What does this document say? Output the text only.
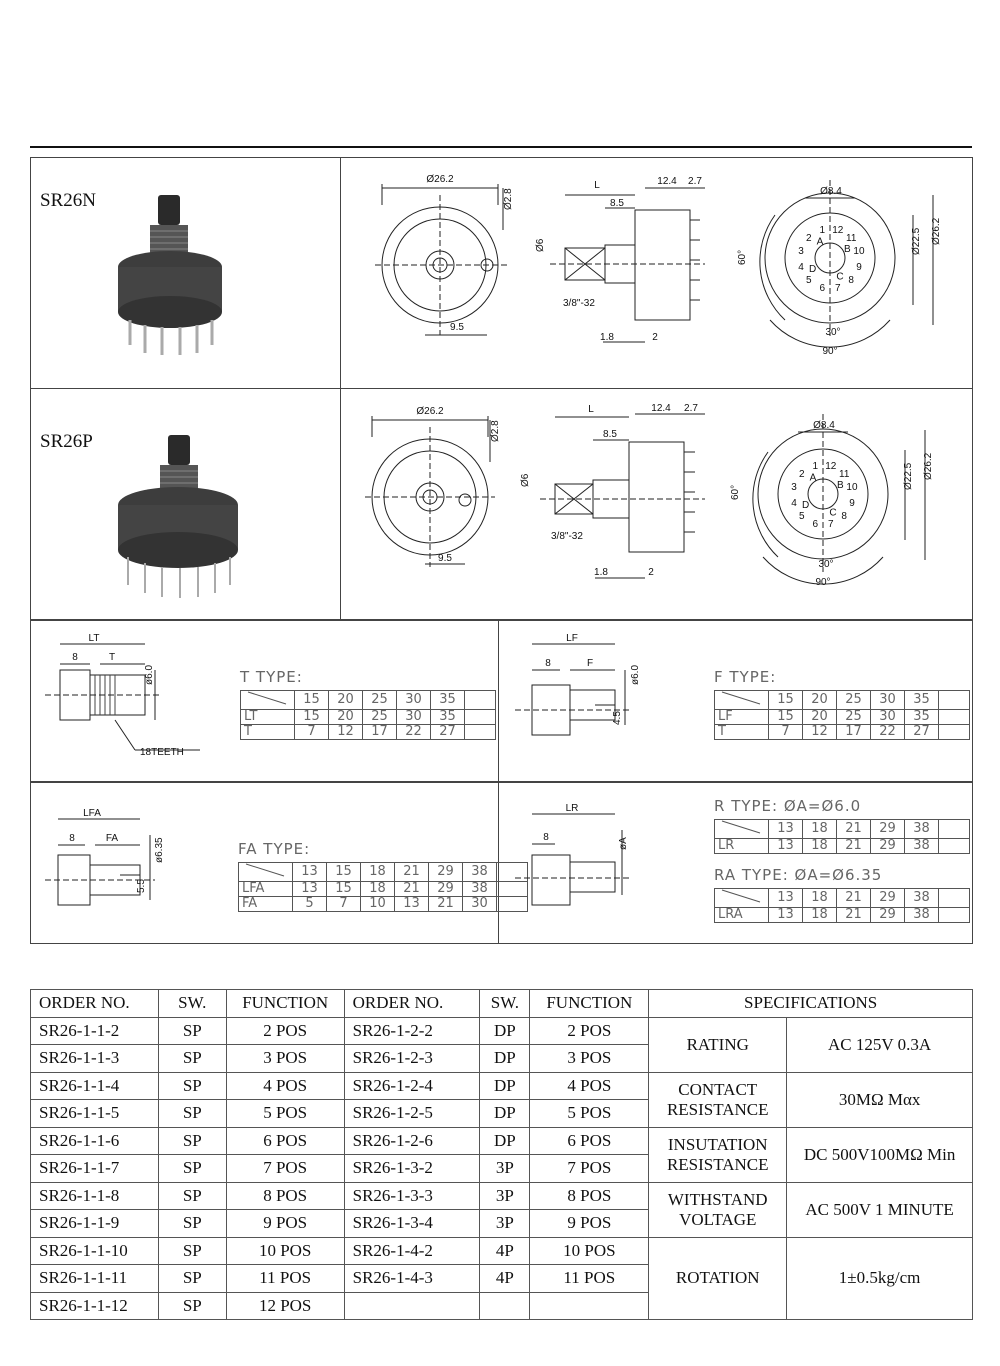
SR26N
Ø26.2
Ø2.8
9.5
L
8.5
12.4 2.7
Ø6
3/8"-32
1.8	2
Ø8.4
Ø22.5 Ø26.2
60°
30°
90°
12
11
10
9
8
7
6
5
4
3
2
1
A
B
C
D
SR26P
Ø26.2
Ø2.8
9.5
L
8.5
12.4 2.7
Ø6
3/8"-32
1.8	2
Ø8.4
Ø22.5 Ø26.2
60°
30°
90°
12
11
10
9
8
7
6
5
4
3
2
1
A
B
C
D
LT
8	T
ø6.0
18TEETH
T TYPE:
	15	20	25	30	35	
LT	15	20	25	30	35	
T	7	12	17	22	27	
LF
8	F
ø6.0
4.5
F TYPE:
	15	20	25	30	35	
LF	15	20	25	30	35	
T	7	12	17	22	27	
LFA
8	FA	ø6.35
5.5
FA TYPE:
	13	15	18	21	29	38	
LFA	13	15	18	21	29	38	
FA	5	7	10	13	21	30	
LR
8	øA
R TYPE: ØA=Ø6.0
	13	18	21	29	38	
LR	13	18	21	29	38	
RA TYPE: ØA=Ø6.35
	13	18	21	29	38	
LRA	13	18	21	29	38	
ORDER NO.	SW.	FUNCTION	ORDER NO.	SW.	FUNCTION	SPECIFICATIONS	
SR26-1-1-2	SP	2 POS	SR26-1-2-2	DP	2 POS	RATING	AC 125V 0.3A
SR26-1-1-3	SP	3 POS	SR26-1-2-3	DP	3 POS		
SR26-1-1-4	SP	4 POS	SR26-1-2-4	DP	4 POS	CONTACT RESISTANCE	30MΩ Mαx
SR26-1-1-5	SP	5 POS	SR26-1-2-5	DP	5 POS		
SR26-1-1-6	SP	6 POS	SR26-1-2-6	DP	6 POS	INSUTATION RESISTANCE	DC 500V100MΩ Min
SR26-1-1-7	SP	7 POS	SR26-1-3-2	3P	7 POS		
SR26-1-1-8	SP	8 POS	SR26-1-3-3	3P	8 POS	WITHSTAND VOLTAGE	AC 500V 1 MINUTE
SR26-1-1-9	SP	9 POS	SR26-1-3-4	3P	9 POS		
SR26-1-1-10	SP	10 POS	SR26-1-4-2	4P	10 POS	ROTATION	1±0.5kg/cm
SR26-1-1-11	SP	11 POS	SR26-1-4-3	4P	11 POS		
SR26-1-1-12	SP	12 POS					
